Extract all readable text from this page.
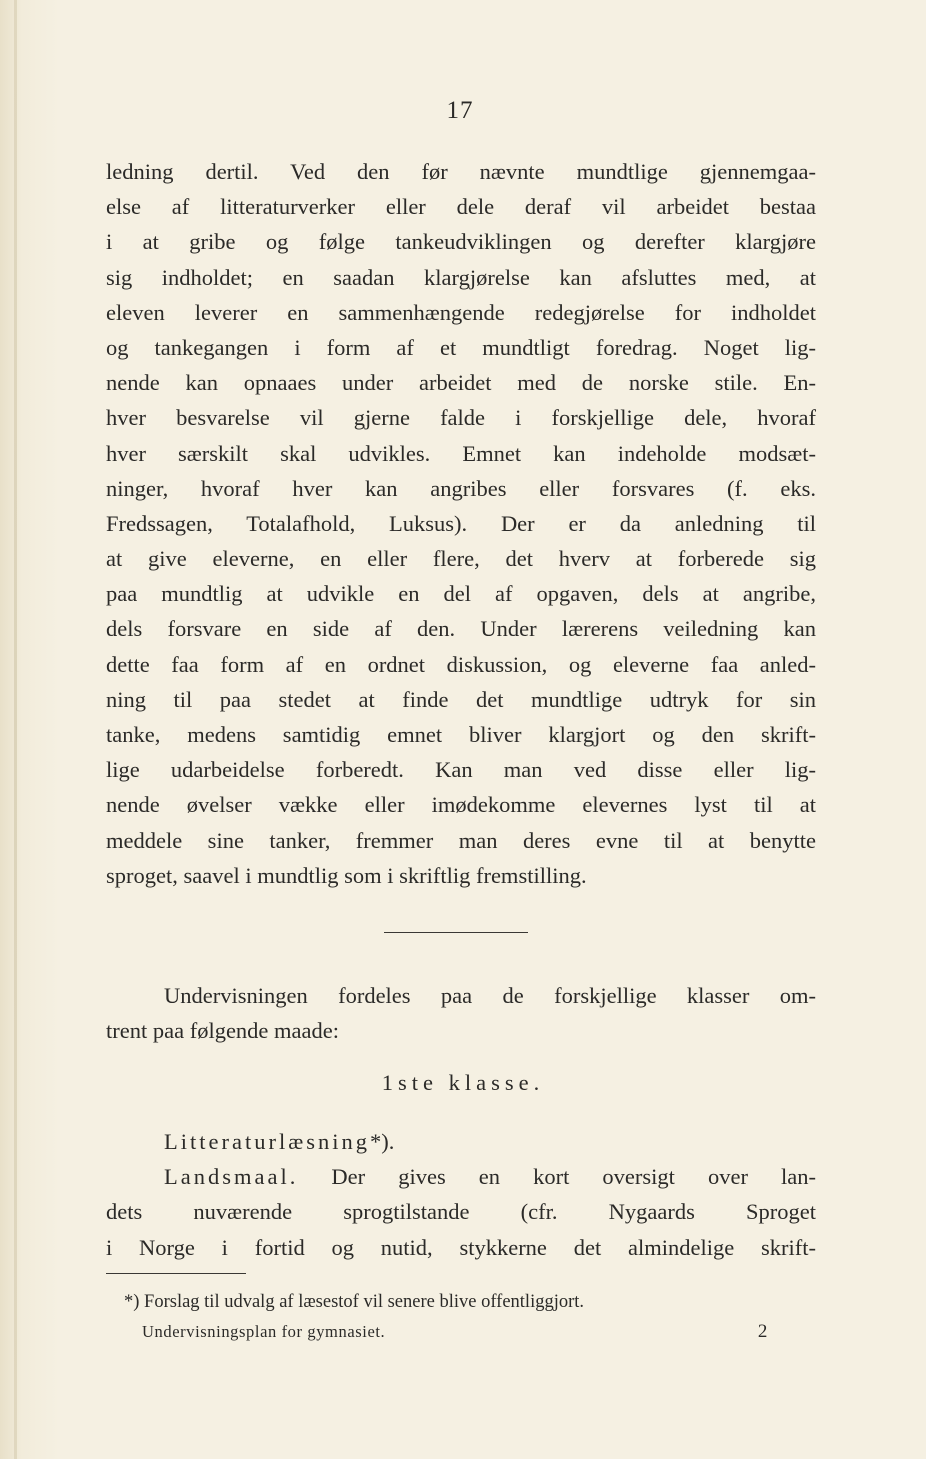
17
ledning dertil. Ved den før nævnte mundtlige gjennemgaa-
else af litteraturverker eller dele deraf vil arbeidet bestaa
i at gribe og følge tankeudviklingen og derefter klargjøre
sig indholdet; en saadan klargjørelse kan afsluttes med, at
eleven leverer en sammenhængende redegjørelse for indholdet
og tankegangen i form af et mundtligt foredrag. Noget lig-
nende kan opnaaes under arbeidet med de norske stile. En-
hver besvarelse vil gjerne falde i forskjellige dele, hvoraf
hver særskilt skal udvikles. Emnet kan indeholde modsæt-
ninger, hvoraf hver kan angribes eller forsvares (f. eks.
Fredssagen, Totalafhold, Luksus). Der er da anledning til
at give eleverne, en eller flere, det hverv at forberede sig
paa mundtlig at udvikle en del af opgaven, dels at angribe,
dels forsvare en side af den. Under lærerens veiledning kan
dette faa form af en ordnet diskussion, og eleverne faa anled-
ning til paa stedet at finde det mundtlige udtryk for sin
tanke, medens samtidig emnet bliver klargjort og den skrift-
lige udarbeidelse forberedt. Kan man ved disse eller lig-
nende øvelser vække eller imødekomme elevernes lyst til at
meddele sine tanker, fremmer man deres evne til at benytte
sproget, saavel i mundtlig som i skriftlig fremstilling.
Undervisningen fordeles paa de forskjellige klasser om-
trent paa følgende maade:
1ste klasse.
Litteraturlæsning*).
Landsmaal. Der gives en kort oversigt over lan-
dets nuværende sprogtilstande (cfr. Nygaards Sproget
i Norge i fortid og nutid, stykkerne det almindelige skrift-
*) Forslag til udvalg af læsestof vil senere blive offentliggjort.
Undervisningsplan for gymnasiet.	2
